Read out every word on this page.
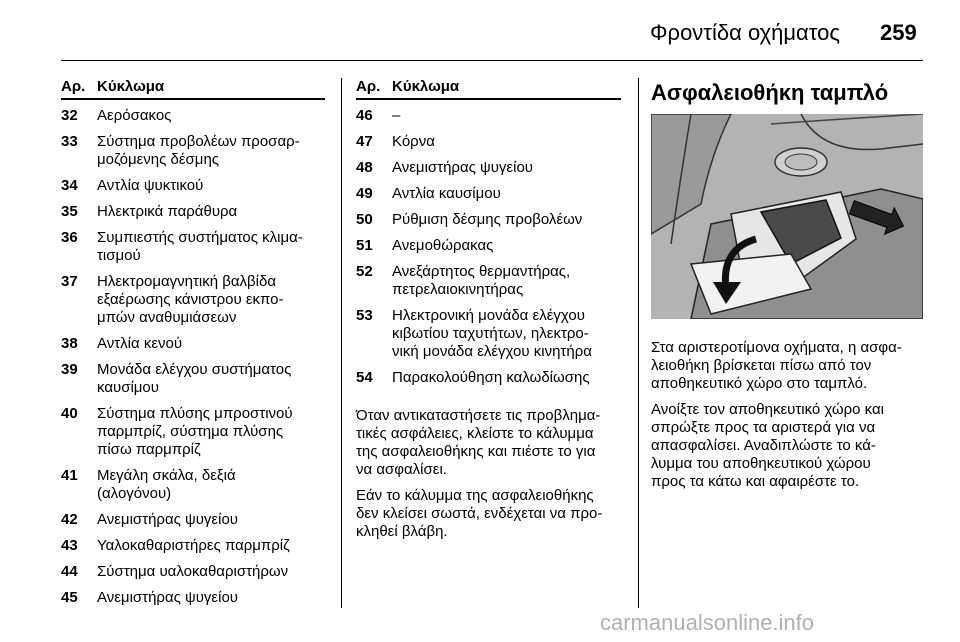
Φροντίδα οχήματος 259
Αρ. Κύκλωμα
32	Αερόσακος
33	Σύστημα προβολέων προσαρ-
μοζόμενης δέσμης
34	Αντλία ψυκτικού
35	Ηλεκτρικά παράθυρα
36	Συμπιεστής συστήματος κλιμα-
τισμού
37	Ηλεκτρομαγνητική βαλβίδα
εξαέρωσης κάνιστρου εκπο-
μπών αναθυμιάσεων
38	Αντλία κενού
39	Μονάδα ελέγχου συστήματος
καυσίμου
40	Σύστημα πλύσης μπροστινού
παρμπρίζ, σύστημα πλύσης
πίσω παρμπρίζ
41	Μεγάλη σκάλα, δεξιά
(αλογόνου)
42	Ανεμιστήρας ψυγείου
43	Υαλοκαθαριστήρες παρμπρίζ
44	Σύστημα υαλοκαθαριστήρων
45	Ανεμιστήρας ψυγείου
Αρ. Κύκλωμα
46	–
47	Κόρνα
48	Ανεμιστήρας ψυγείου
49	Αντλία καυσίμου
50	Ρύθμιση δέσμης προβολέων
51	Ανεμοθώρακας
52	Ανεξάρτητος θερμαντήρας,
πετρελαιοκινητήρας
53	Ηλεκτρονική μονάδα ελέγχου
κιβωτίου ταχυτήτων, ηλεκτρο-
νική μονάδα ελέγχου κινητήρα
54	Παρακολούθηση καλωδίωσης

Όταν αντικαταστήσετε τις προβλημα-
τικές ασφάλειες, κλείστε το κάλυμμα
της ασφαλειοθήκης και πιέστε το για
να ασφαλίσει.

Εάν το κάλυμμα της ασφαλειοθήκης
δεν κλείσει σωστά, ενδέχεται να προ-
κληθεί βλάβη.

Ασφαλειοθήκη ταμπλό

Στα αριστεροτίμονα οχήματα, η ασφα-
λειοθήκη βρίσκεται πίσω από τον
αποθηκευτικό χώρο στο ταμπλό.

Ανοίξτε τον αποθηκευτικό χώρο και
σπρώξτε προς τα αριστερά για να
απασφαλίσει. Αναδιπλώστε το κά-
λυμμα του αποθηκευτικού χώρου
προς τα κάτω και αφαιρέστε το.

carmanualsonline.info
